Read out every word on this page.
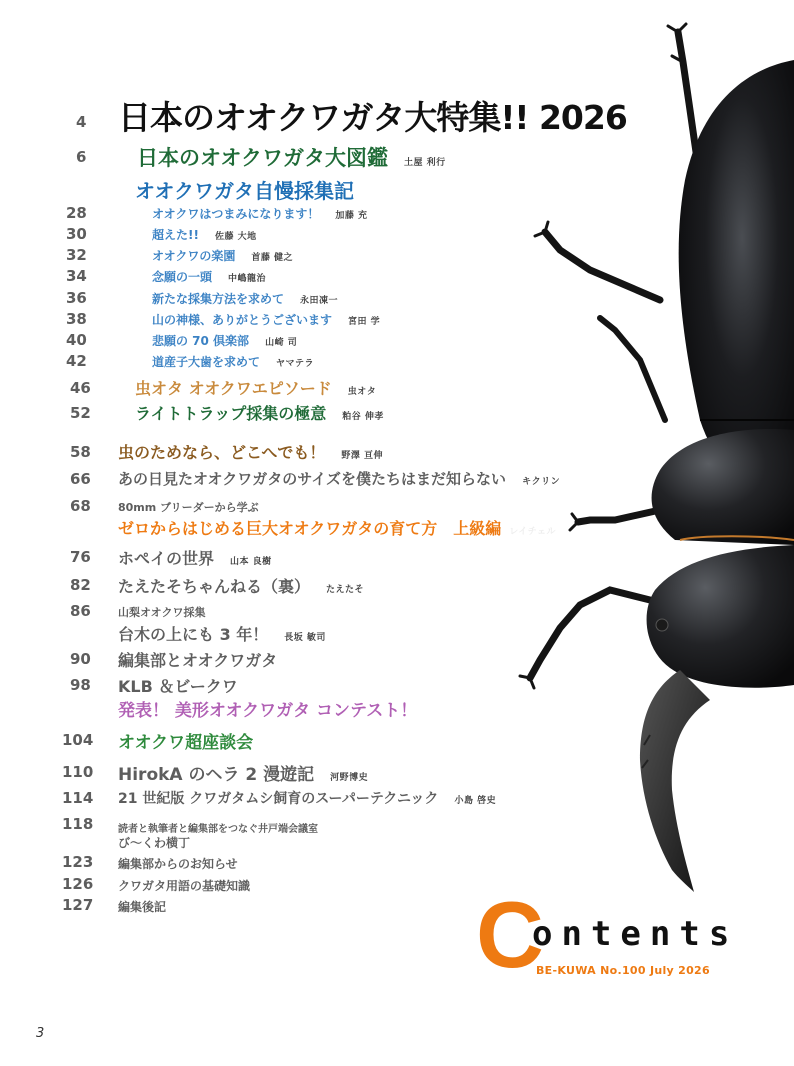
4 日本のオオクワガタ大特集!! 2026
6 日本のオオクワガタ大図鑑 土屋 利行
オオクワガタ自慢採集記
28	オオクワはつまみになります！ 加藤 充
30	超えた!! 佐藤 大地
32	オオクワの楽園 首藤 健之
34	念願の一頭 中嶋龍治
36	新たな採集方法を求めて 永田凍一
38	山の神様、ありがとうございます 宮田 学
40	悲願の 70 倶楽部 山崎 司
42	道産子大歯を求めて ヤマテラ
46	虫オタ オオクワエピソード 虫オタ
52	ライトトラップ採集の極意 粕谷 伸孝
58 虫のためなら、どこへでも！ 野澤 亘伸
66 あの日見たオオクワガタのサイズを僕たちはまだ知らない キクリン
68 80mm ブリーダーから学ぶ
ゼロからはじめる巨大オオクワガタの育て方　上級編 レイチェル
76 ホペイの世界 山本 良樹
82 たえたそちゃんねる（裏） たえたそ
86 山梨オオクワ採集
台木の上にも 3 年！ 長坂 敏司
90 編集部とオオクワガタ
98 KLB ＆ビークワ
発表！ 美形オオクワガタ コンテスト！
104 オオクワ超座談会
110 HirokA のヘラ 2 漫遊記 河野博史
114 21 世紀版 クワガタムシ飼育のスーパーテクニック 小島 啓史
118 読者と執筆者と編集部をつなぐ井戸端会議室
び〜くわ横丁
123 編集部からのお知らせ
126 クワガタ用語の基礎知識
127 編集後記	C
ontents
BE-KUWA No.100 July 2026
3
